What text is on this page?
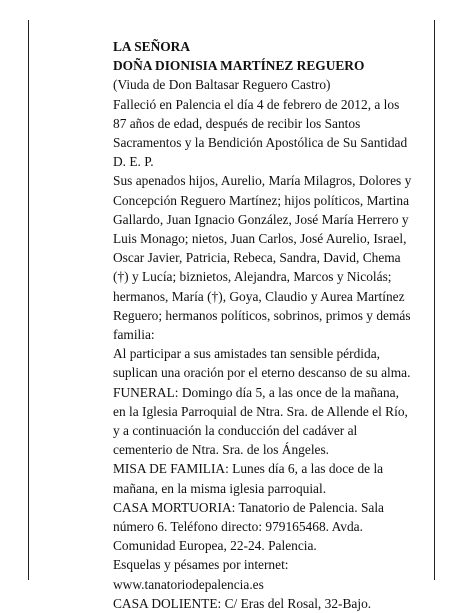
LA SEÑORA

DOÑA DIONISIA MARTÍNEZ REGUERO

(Viuda de Don Baltasar Reguero Castro)

Falleció en Palencia el día 4 de febrero de 2012, a los

87 años de edad, después de recibir los Santos

Sacramentos y la Bendición Apostólica de Su Santidad

D. E. P.

Sus apenados hijos, Aurelio, María Milagros, Dolores y

Concepción Reguero Martínez; hijos políticos, Martina

Gallardo, Juan Ignacio González, José María Herrero y

Luis Monago; nietos, Juan Carlos, José Aurelio, Israel,

Oscar Javier, Patricia, Rebeca, Sandra, David, Chema

(†) y Lucía; biznietos, Alejandra, Marcos y Nicolás;

hermanos, María (†), Goya, Claudio y Aurea Martínez

Reguero; hermanos políticos, sobrinos, primos y demás

familia:

Al participar a sus amistades tan sensible pérdida,

suplican una oración por el eterno descanso de su alma.

FUNERAL: Domingo día 5, a las once de la mañana,

en la Iglesia Parroquial de Ntra. Sra. de Allende el Río,

y a continuación la conducción del cadáver al

cementerio de Ntra. Sra. de los Ángeles.

MISA DE FAMILIA: Lunes día 6, a las doce de la

mañana, en la misma iglesia parroquial.

CASA MORTUORIA: Tanatorio de Palencia. Sala

número 6. Teléfono directo: 979165468. Avda.

Comunidad Europea, 22-24. Palencia.

Esquelas y pésames por internet:

www.tanatoriodepalencia.es

CASA DOLIENTE: C/ Eras del Rosal, 32-Bajo.
